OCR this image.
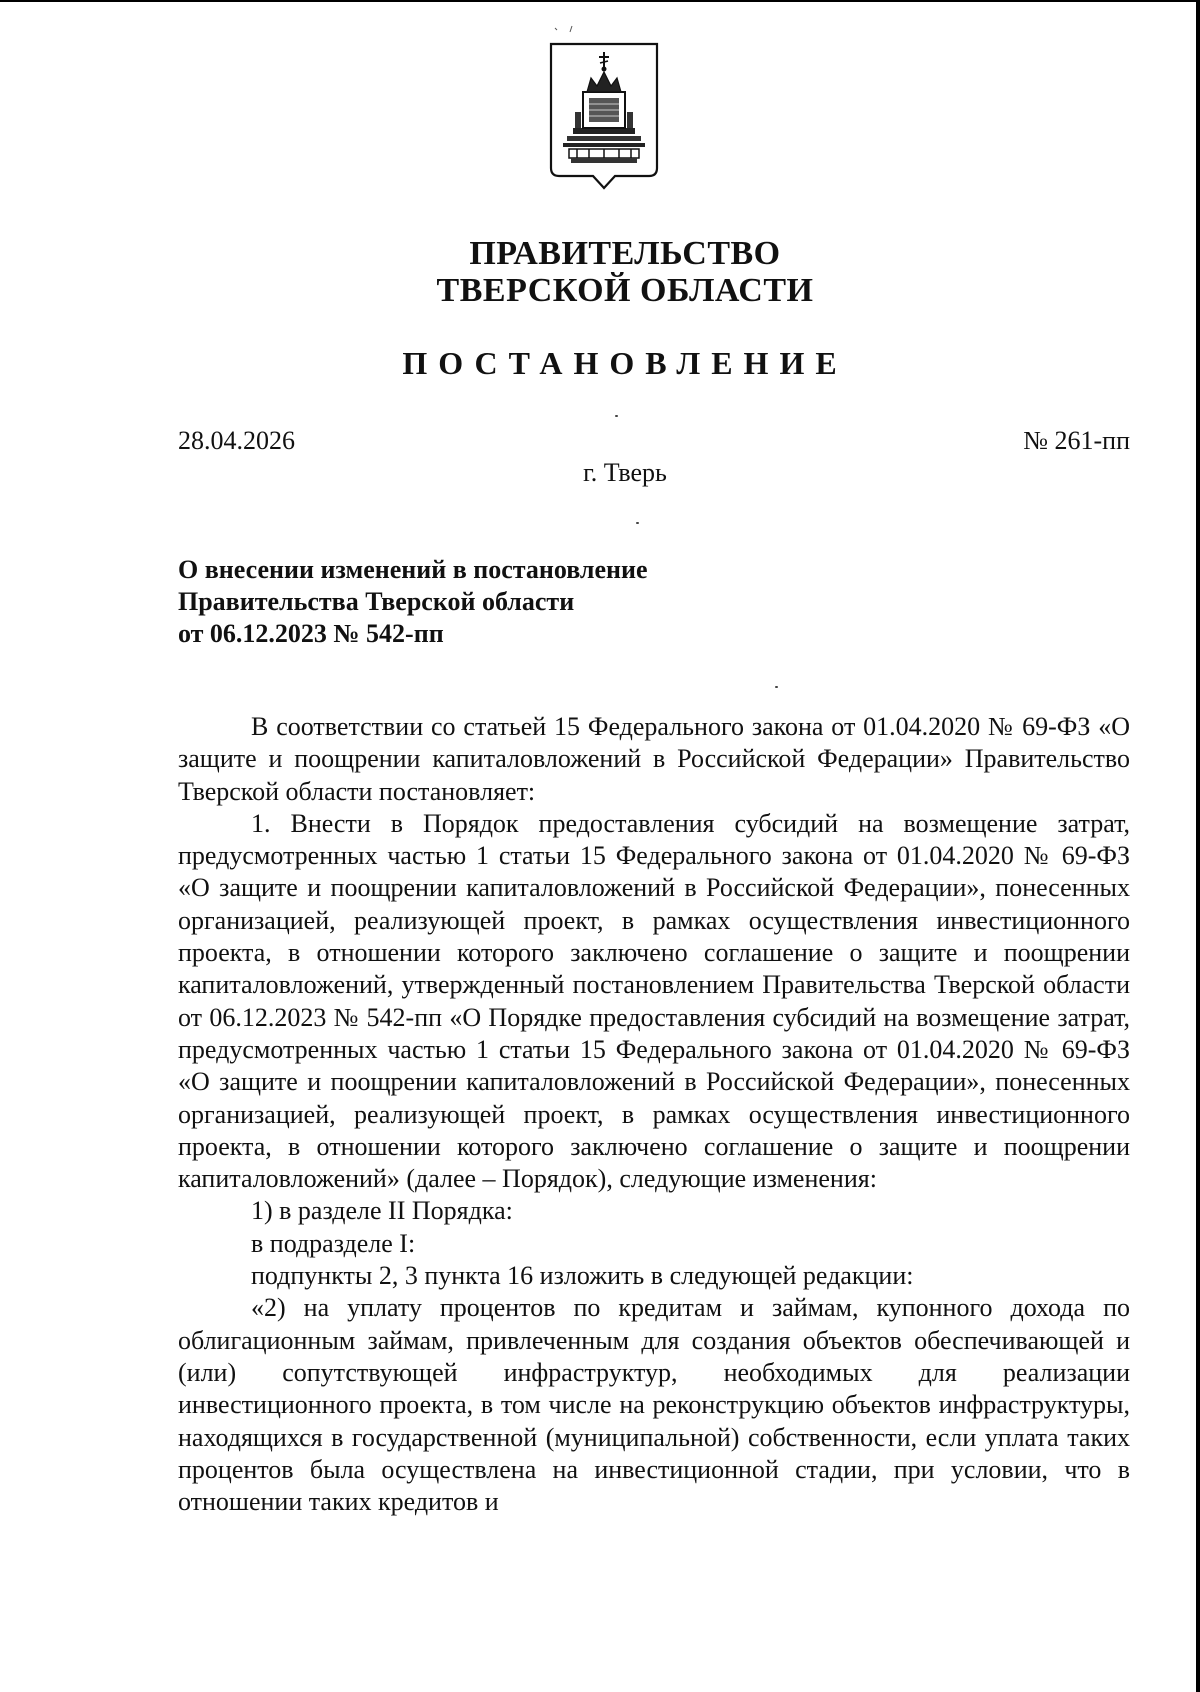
ПРАВИТЕЛЬСТВО
ТВЕРСКОЙ ОБЛАСТИ
ПОСТАНОВЛЕНИЕ
28.04.2026	№ 261-пп
г. Тверь
О внесении изменений в постановление
Правительства Тверской области
от 06.12.2023 № 542-пп

В соответствии со статьей 15 Федерального закона от 01.04.2020 № 69-ФЗ «О защите и поощрении капиталовложений в Российской Федерации» Правительство Тверской области постановляет:

1. Внести в Порядок предоставления субсидий на возмещение затрат, предусмотренных частью 1 статьи 15 Федерального закона от 01.04.2020 № 69-ФЗ «О защите и поощрении капиталовложений в Российской Федерации», понесенных организацией, реализующей проект, в рамках осуществления инвестиционного проекта, в отношении которого заключено соглашение о защите и поощрении капиталовложений, утвержденный постановлением Правительства Тверской области от 06.12.2023 № 542-пп «О Порядке предоставления субсидий на возмещение затрат, предусмотренных частью 1 статьи 15 Федерального закона от 01.04.2020 № 69-ФЗ «О защите и поощрении капиталовложений в Российской Федерации», понесенных организацией, реализующей проект, в рамках осуществления инвестиционного проекта, в отношении которого заключено соглашение о защите и поощрении капиталовложений» (далее – Порядок), следующие изменения:

1) в разделе II Порядка:

в подразделе I:

подпункты 2, 3 пункта 16 изложить в следующей редакции:

«2) на уплату процентов по кредитам и займам, купонного дохода по облигационным займам, привлеченным для создания объектов обеспечивающей и (или) сопутствующей инфраструктур, необходимых для реализации инвестиционного проекта, в том числе на реконструкцию объектов инфраструктуры, находящихся в государственной (муниципальной) собственности, если уплата таких процентов была осуществлена на инвестиционной стадии, при условии, что в отношении таких кредитов и
